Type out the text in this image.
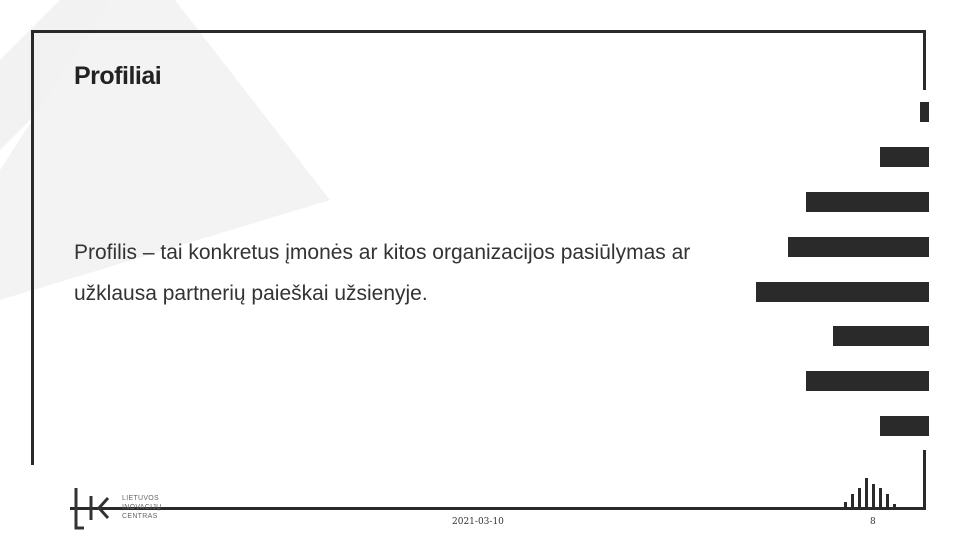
Profiliai
Profilis – tai konkretus įmonės ar kitos organizacijos pasiūlymas ar užklausa partnerių paieškai užsienyje.
LIETUVOS
INOVACIJŲ
CENTRAS
2021-03-10	8
